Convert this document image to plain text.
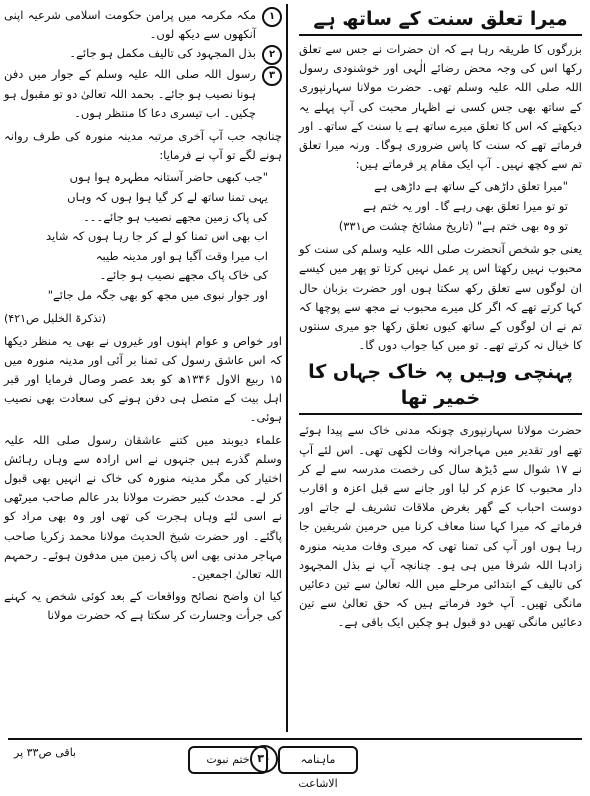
میرا تعلق سنت کے ساتھ ہے

بزرگوں کا طریقہ رہا ہے کہ ان حضرات نے جس سے تعلق رکھا اس کی وجہ محض رضائے الٰہی اور خوشنودی رسول اللہ صلی اللہ علیہ وسلم تھی۔ حضرت مولانا سہارنپوری کے ساتھ بھی جس کسی نے اظہار محبت کی آپ پہلے یہ دیکھتے کہ اس کا تعلق میرے ساتھ ہے یا سنت کے ساتھ۔ اور فرماتے تھے کہ سنت کا پاس ضروری ہوگا۔ ورنہ میرا تعلق تم سے کچھ نہیں۔ آپ ایک مقام پر فرماتے ہیں:

"میرا تعلق داڑھی کے ساتھ ہے داڑھی ہے

تو تو میرا تعلق بھی رہے گا۔ اور یہ ختم ہے

تو وہ بھی ختم ہے" (تاریخ مشائخ چشت ص۳۳۱)

یعنی جو شخص آنحضرت صلی اللہ علیہ وسلم کی سنت کو محبوب نہیں رکھتا اس پر عمل نہیں کرتا تو پھر میں کیسے ان لوگوں سے تعلق رکھ سکتا ہوں اور حضرت بزبان حال کہا کرتے تھے کہ اگر کل میرے محبوب نے مجھ سے پوچھا کہ تم نے ان لوگوں کے ساتھ کیوں تعلق رکھا جو میری سنتوں کا خیال نہ کرتے تھے۔ تو میں کیا جواب دوں گا۔

پہنچی وہیں پہ خاک جہاں کا خمیر تھا

حضرت مولانا سہارنپوری چونکہ مدنی خاک سے پیدا ہوئے تھے اور تقدیر میں مہاجرانہ وفات لکھی تھی۔ اس لئے آپ نے ۱۷ شوال سے ڈیڑھ سال کی رخصت مدرسہ سے لے کر دار محبوب کا عزم کر لیا اور جانے سے قبل اعزہ و اقارب دوست احباب کے گھر بغرض ملاقات تشریف لے جاتے اور فرماتے کہ میرا کہا سنا معاف کرنا میں حرمین شریفین جا رہا ہوں اور آپ کی تمنا تھی کہ میری وفات مدینہ منورہ زادہا اللہ شرفا میں ہی ہو۔ چنانچہ آپ نے بذل المجہود کی تالیف کے ابتدائی مرحلے میں اللہ تعالیٰ سے تین دعائیں مانگی تھیں۔ آپ خود فرماتے ہیں کہ حق تعالیٰ سے تین دعائیں مانگی تھیں دو قبول ہو چکیں ایک باقی ہے۔

۱
مکہ مکرمہ میں پرامن حکومت اسلامی شرعیہ اپنی آنکھوں سے دیکھ لوں۔
۲
بذل المجہود کی تالیف مکمل ہو جائے۔
۳
رسول اللہ صلی اللہ علیہ وسلم کے جوار میں دفن ہونا نصیب ہو جائے۔ بحمد اللہ تعالیٰ دو تو مقبول ہو چکیں۔ اب تیسری دعا کا منتظر ہوں۔

چنانچہ جب آپ آخری مرتبہ مدینہ منورہ کی طرف روانہ ہونے لگے تو آپ نے فرمایا:

"جب کبھی حاضر آستانہ مطہرہ ہوا ہوں

یہی تمنا ساتھ لے کر گیا ہوا ہوں کہ وہاں

کی پاک زمین مجھے نصیب ہو جائے۔۔۔

اب بھی اس تمنا کو لے کر جا رہا ہوں کہ شاید

اب میرا وقت آگیا ہو اور مدینہ طیبہ

کی خاک پاک مجھے نصیب ہو جائے۔

اور جوار نبوی میں مجھ کو بھی جگہ مل جائے"

(تذکرۃ الخلیل ص۴۲۱)

اور خواص و عوام اپنوں اور غیروں نے بھی یہ منظر دیکھا کہ اس عاشق رسول کی تمنا بر آئی اور مدینہ منورہ میں ۱۵ ربیع الاول ۱۳۴۶ھ کو بعد عصر وصال فرمایا اور قبر اہل بیت کے متصل ہی دفن ہونے کی سعادت بھی نصیب ہوئی۔

علماء دیوبند میں کتنے عاشقان رسول صلی اللہ علیہ وسلم گذرے ہیں جنہوں نے اس ارادہ سے وہاں رہائش اختیار کی مگر مدینہ منورہ کی خاک نے انہیں بھی قبول کر لے۔ محدث کبیر حضرت مولانا بدر عالم صاحب میرٹھی نے اسی لئے وہاں ہجرت کی تھی اور وہ بھی مراد کو پاگئے۔ اور حضرت شیخ الحدیث مولانا محمد زکریا صاحب مہاجر مدنی بھی اس پاک زمین میں مدفون ہوئے۔ رحمہم اللہ تعالیٰ اجمعین۔

کیا ان واضح نصائح وواقعات کے بعد کوئی شخص یہ کہنے کی جرأت وجسارت کر سکتا ہے کہ حضرت مولانا

باقی ص۳۳ پر
ختم نبوت ۳۰	ماہنامہ الاشاعت
